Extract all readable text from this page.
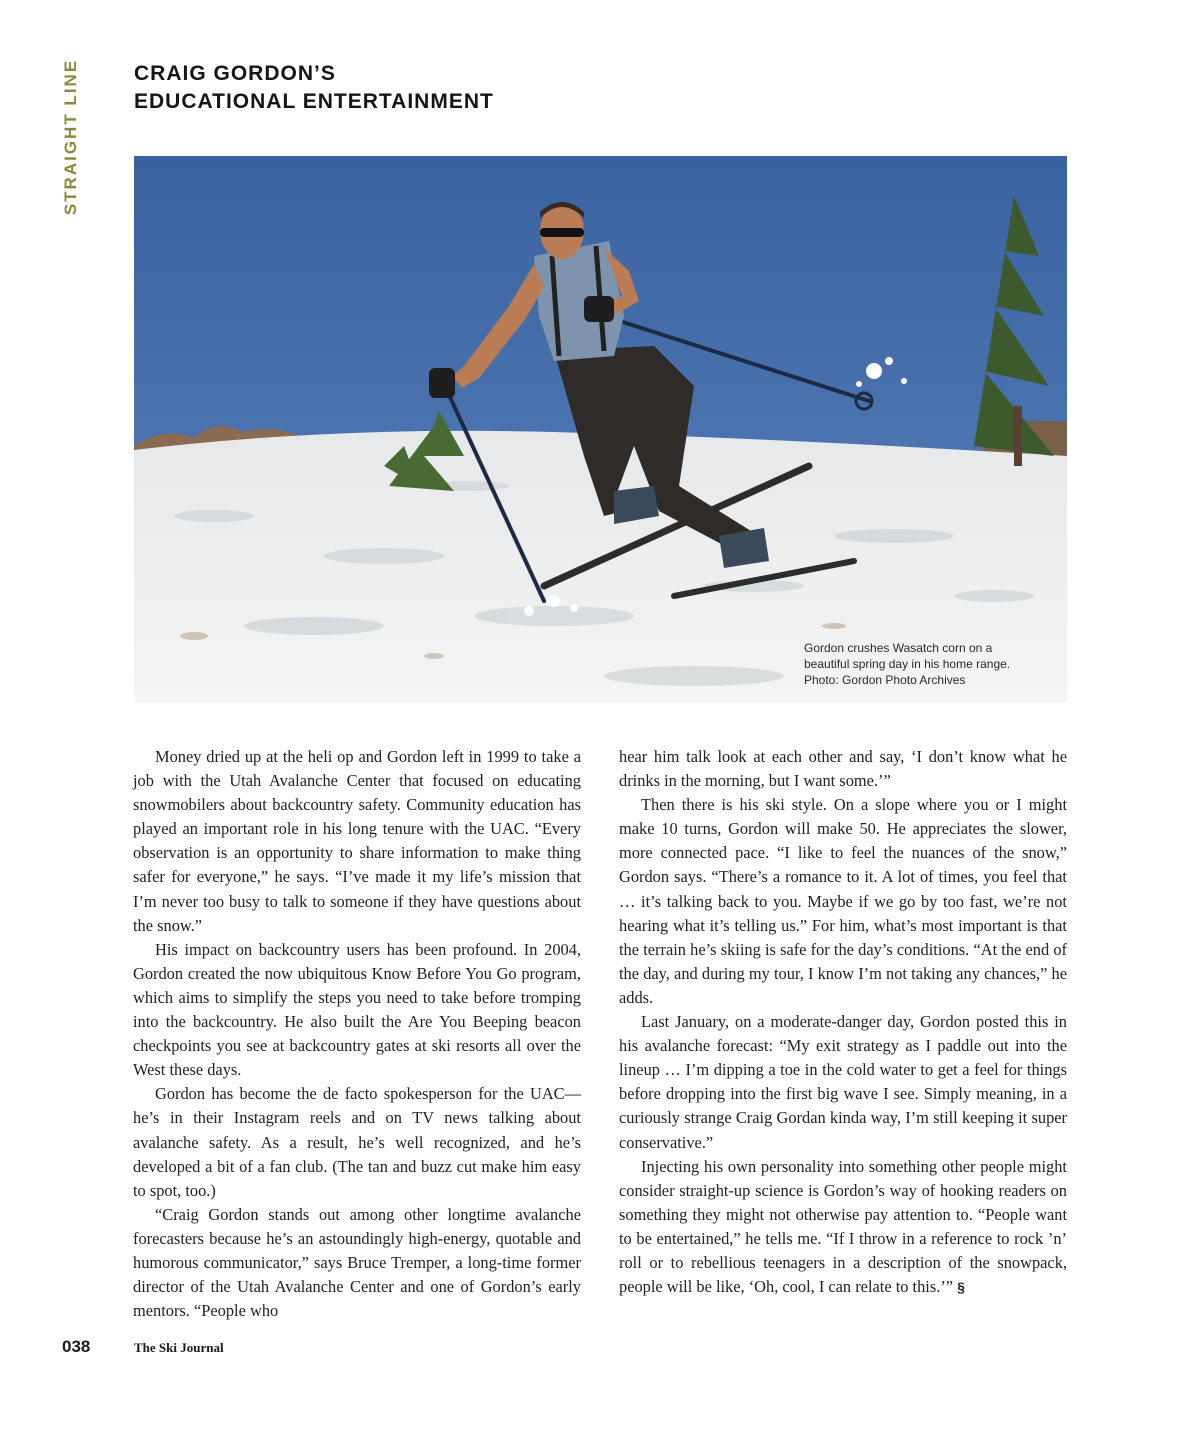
STRAIGHT LINE	CRAIG GORDON’S
EDUCATIONAL ENTERTAINMENT
Gordon crushes Wasatch corn on a
beautiful spring day in his home range.
Photo: Gordon Photo Archives

Money dried up at the heli op and Gordon left in 1999 to take a job with the Utah Avalanche Center that focused on educating snowmobilers about backcountry safety. Community education has played an important role in his long tenure with the UAC. “Every observation is an opportunity to share information to make thing safer for everyone,” he says. “I’ve made it my life’s mission that I’m never too busy to talk to someone if they have questions about the snow.”

His impact on backcountry users has been profound. In 2004, Gordon created the now ubiquitous Know Before You Go program, which aims to simplify the steps you need to take before tromping into the backcountry. He also built the Are You Beeping beacon checkpoints you see at backcountry gates at ski resorts all over the West these days.

Gordon has become the de facto spokesperson for the UAC—he’s in their Instagram reels and on TV news talking about avalanche safety. As a result, he’s well recognized, and he’s developed a bit of a fan club. (The tan and buzz cut make him easy to spot, too.)

“Craig Gordon stands out among other longtime avalanche forecasters because he’s an astoundingly high-energy, quotable and humorous communicator,” says Bruce Tremper, a long-time former director of the Utah Avalanche Center and one of Gordon’s early mentors. “People who

hear him talk look at each other and say, ‘I don’t know what he drinks in the morning, but I want some.’”

Then there is his ski style. On a slope where you or I might make 10 turns, Gordon will make 50. He appreciates the slower, more connected pace. “I like to feel the nuances of the snow,” Gordon says. “There’s a romance to it. A lot of times, you feel that … it’s talking back to you. Maybe if we go by too fast, we’re not hearing what it’s telling us.” For him, what’s most important is that the terrain he’s skiing is safe for the day’s conditions. “At the end of the day, and during my tour, I know I’m not taking any chances,” he adds.

Last January, on a moderate-danger day, Gordon posted this in his avalanche forecast: “My exit strategy as I paddle out into the lineup … I’m dipping a toe in the cold water to get a feel for things before dropping into the first big wave I see. Simply meaning, in a curiously strange Craig Gordan kinda way, I’m still keeping it super conservative.”

Injecting his own personality into something other people might consider straight-up science is Gordon’s way of hooking readers on something they might not otherwise pay attention to. “People want to be entertained,” he tells me. “If I throw in a reference to rock ’n’ roll or to rebellious teenagers in a description of the snowpack, people will be like, ‘Oh, cool, I can relate to this.’” §

038	The Ski Journal
